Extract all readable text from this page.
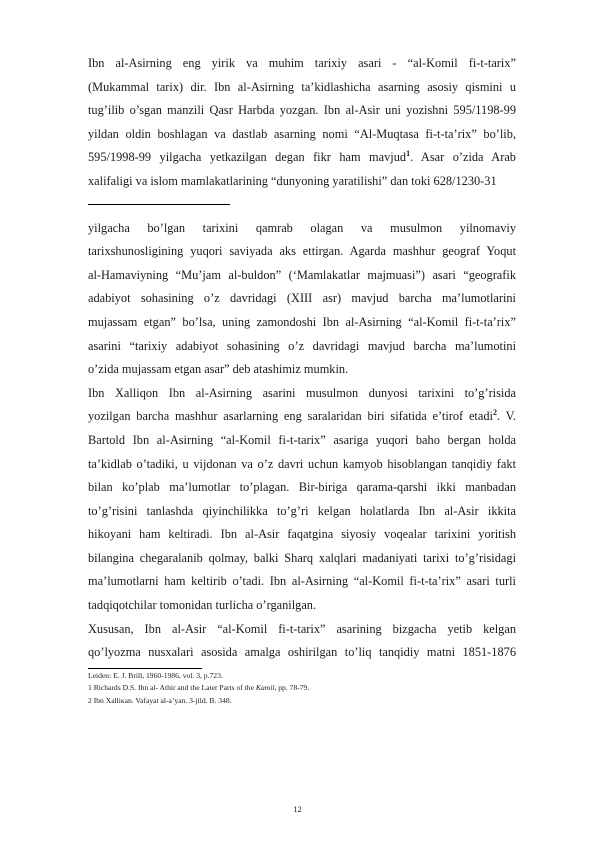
Ibn al-Asirning eng yirik va muhim tarixiy asari - “al-Komil fi-t-tarix”
(Mukammal tarix) dir. Ibn al-Asirning ta’kidlashicha asarning asosiy qismini u
tug’ilib o’sgan manzili Qasr Harbda yozgan. Ibn al-Asir uni yozishni 595/1198-99
yildan oldin boshlagan va dastlab asarning nomi “Al-Muqtasa fi-t-ta’rix” bo’lib,
595/1998-99 yilgacha yetkazilgan degan fikr ham mavjud$^1$. Asar o’zida Arab
xalifaligi va islom mamlakatlarining “dunyoning yaratilishi” dan toki 628/1230-31
yilgacha bo’lgan tarixini qamrab olagan va musulmon yilnomaviy
tarixshunosligining yuqori saviyada aks ettirgan. Agarda mashhur geograf Yoqut
al-Hamaviyning “Mu’jam al-buldon” (‘Mamlakatlar majmuasi”) asari “geografik
adabiyot sohasining o’z davridagi (XIII asr) mavjud barcha ma’lumotlarini
mujassam etgan” bo’lsa, uning zamondoshi Ibn al-Asirning “al-Komil fi-t-ta’rix”
asarini “tarixiy adabiyot sohasining o’z davridagi mavjud barcha ma’lumotini
o’zida mujassam etgan asar” deb atashimiz mumkin.
Ibn Xalliqon Ibn al-Asirning asarini musulmon dunyosi tarixini to’g’risida
yozilgan barcha mashhur asarlarning eng saralaridan biri sifatida e’tirof etadi$^2$. V.
Bartold Ibn al-Asirning “al-Komil fi-t-tarix” asariga yuqori baho bergan holda
ta’kidlab o’tadiki, u vijdonan va o’z davri uchun kamyob hisoblangan tanqidiy fakt
bilan ko’plab ma’lumotlar to’plagan. Bir-biriga qarama-qarshi ikki manbadan
to’g’risini tanlashda qiyinchilikka to’g’ri kelgan holatlarda Ibn al-Asir ikkita
hikoyani ham keltiradi. Ibn al-Asir faqatgina siyosiy voqealar tarixini yoritish
bilangina chegaralanib qolmay, balki Sharq xalqlari madaniyati tarixi to’g’risidagi
ma’lumotlarni ham keltirib o’tadi. Ibn al-Asirning “al-Komil fi-t-ta’rix” asari turli
tadqiqotchilar tomonidan turlicha o’rganilgan.
Xususan, Ibn al-Asir “al-Komil fi-t-tarix” asarining bizgacha yetib kelgan
qo’lyozma nusxalari asosida amalga oshirilgan to’liq tanqidiy matni 1851-1876
Leiden: E. J. Brill, 1960-1986, vol. 3, p.723.
1 Richards D.S. Ibn al- Athir and the Later Parts of the Kamil, pp. 78-79.
2 Ibn Xalliкan. Vafayat al-a’yan. 3-jild. B. 348.
12
